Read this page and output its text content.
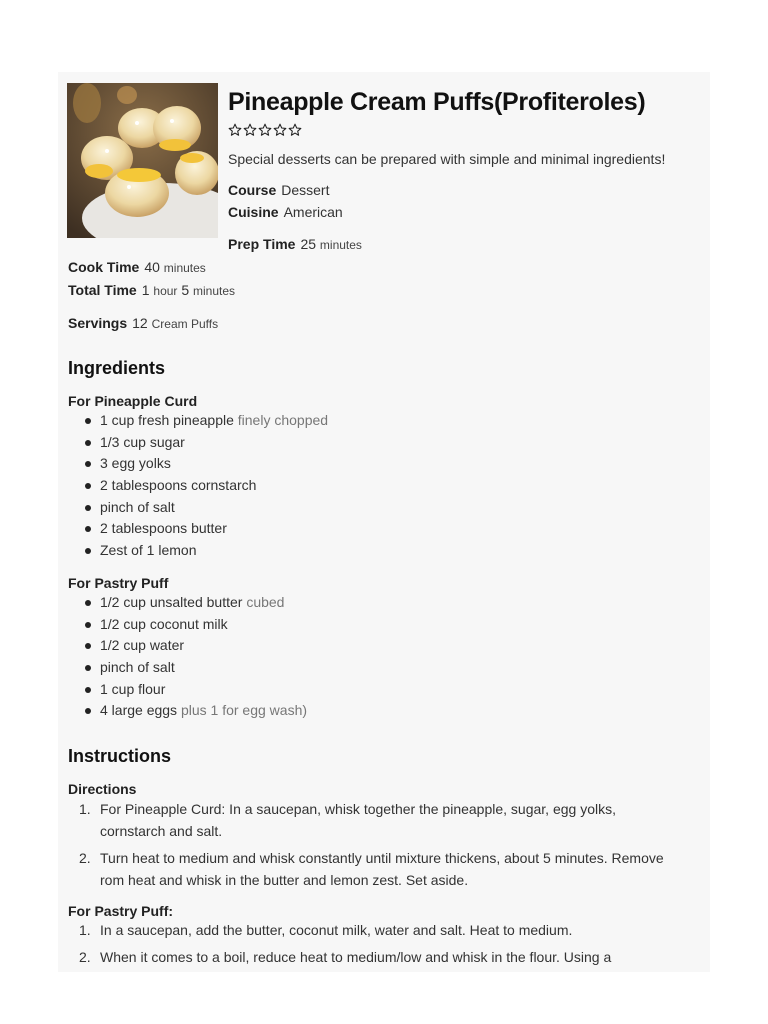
Pineapple Cream Puffs(Profiteroles)
Special desserts can be prepared with simple and minimal ingredients!
Course Dessert
Cuisine American
Prep Time 25 minutes
Cook Time 40 minutes
Total Time 1 hour 5 minutes
Servings 12 Cream Puffs
Ingredients
For Pineapple Curd
1 cup fresh pineapple finely chopped
1/3 cup sugar
3 egg yolks
2 tablespoons cornstarch
pinch of salt
2 tablespoons butter
Zest of 1 lemon
For Pastry Puff
1/2 cup unsalted butter cubed
1/2 cup coconut milk
1/2 cup water
pinch of salt
1 cup flour
4 large eggs plus 1 for egg wash)
Instructions
Directions
1. For Pineapple Curd: In a saucepan, whisk together the pineapple, sugar, egg yolks, cornstarch and salt.
2. Turn heat to medium and whisk constantly until mixture thickens, about 5 minutes. Remove rom heat and whisk in the butter and lemon zest. Set aside.
For Pastry Puff:
1. In a saucepan, add the butter, coconut milk, water and salt. Heat to medium.
2. When it comes to a boil, reduce heat to medium/low and whisk in the flour. Using a
